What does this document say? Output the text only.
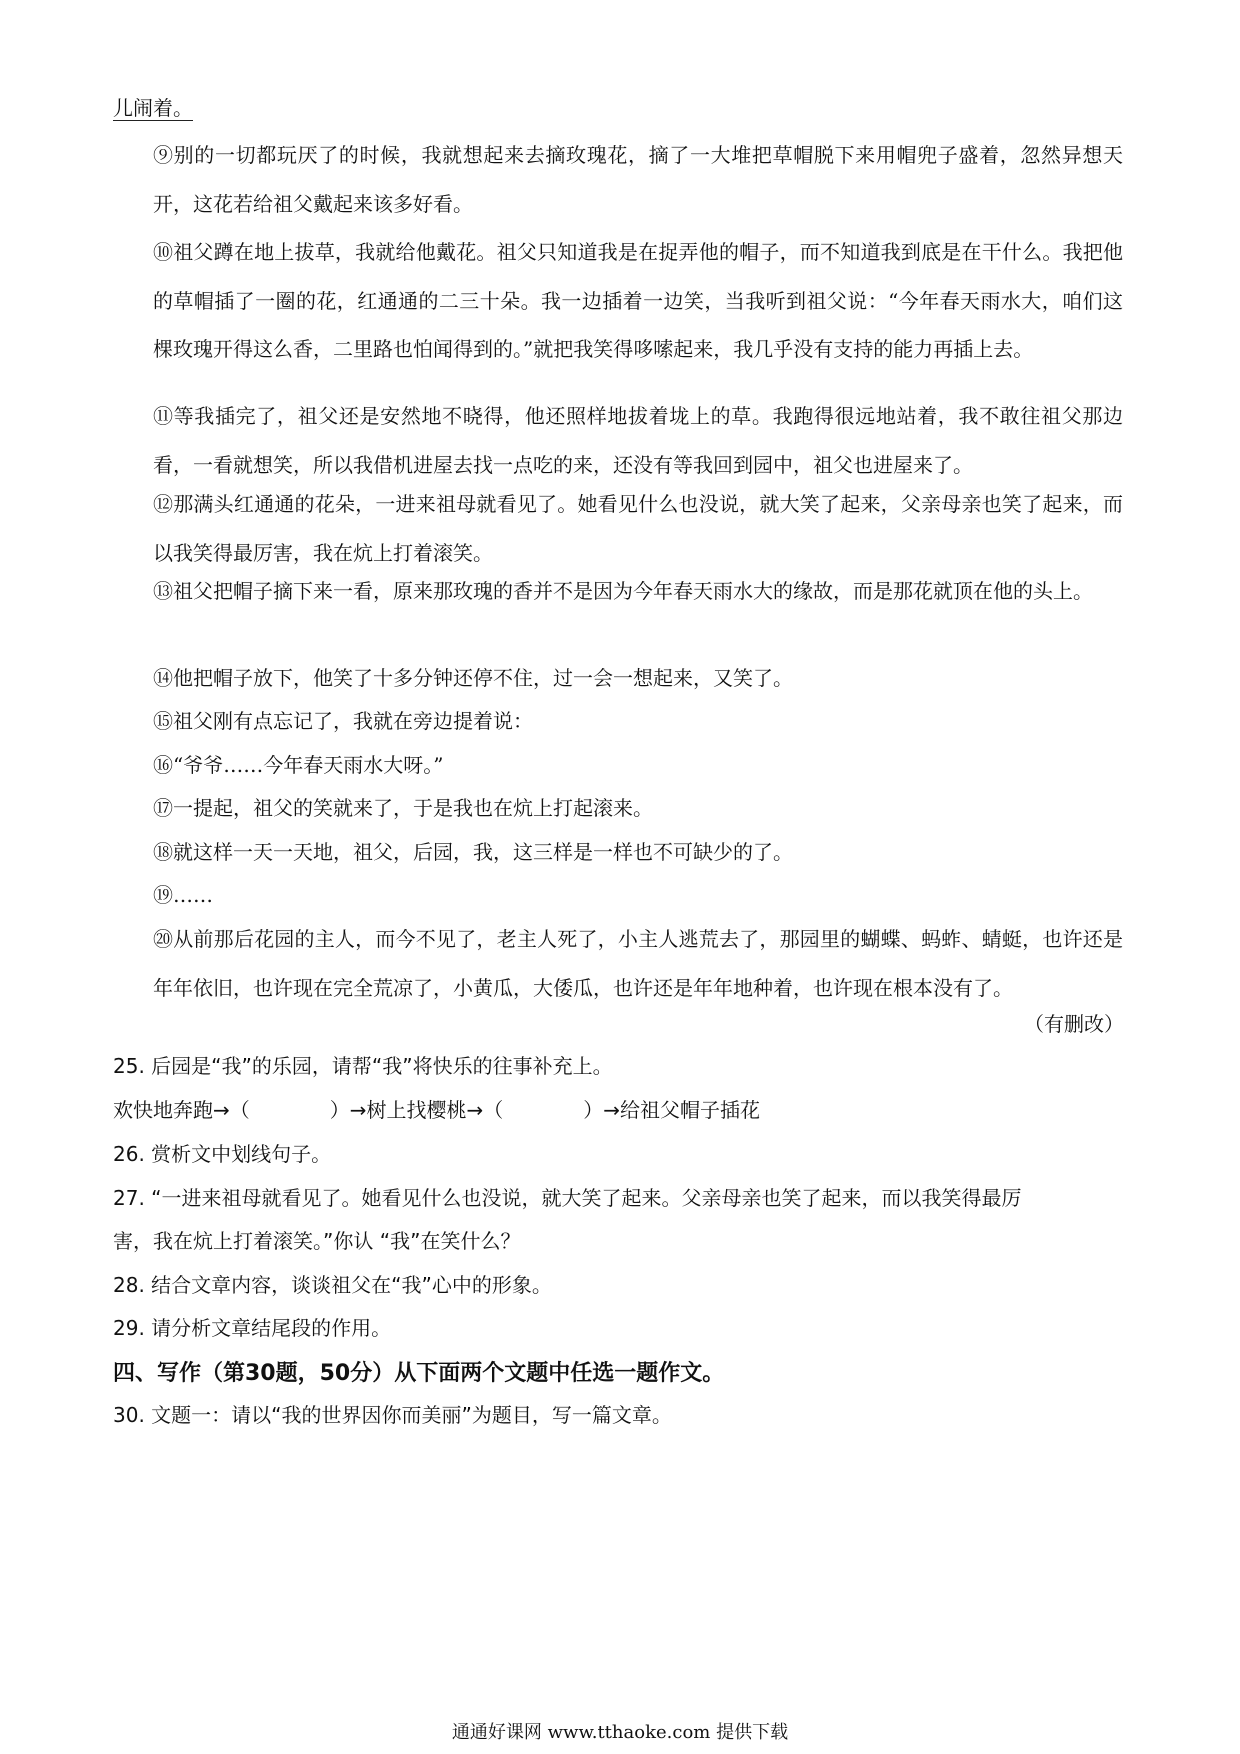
儿闹着。
⑨别的一切都玩厌了的时候，我就想起来去摘玫瑰花，摘了一大堆把草帽脱下来用帽兜子盛着，忽然异想天开，这花若给祖父戴起来该多好看。
⑩祖父蹲在地上拔草，我就给他戴花。祖父只知道我是在捉弄他的帽子，而不知道我到底是在干什么。我把他的草帽插了一圈的花，红通通的二三十朵。我一边插着一边笑，当我听到祖父说：“今年春天雨水大，咱们这棵玫瑰开得这么香，二里路也怕闻得到的。”就把我笑得哆嗦起来，我几乎没有支持的能力再插上去。
⑪等我插完了，祖父还是安然地不晓得，他还照样地拔着垅上的草。我跑得很远地站着，我不敢往祖父那边看，一看就想笑，所以我借机进屋去找一点吃的来，还没有等我回到园中，祖父也进屋来了。
⑫那满头红通通的花朵，一进来祖母就看见了。她看见什么也没说，就大笑了起来，父亲母亲也笑了起来，而以我笑得最厉害，我在炕上打着滚笑。
⑬祖父把帽子摘下来一看，原来那玫瑰的香并不是因为今年春天雨水大的缘故，而是那花就顶在他的头上。
⑭他把帽子放下，他笑了十多分钟还停不住，过一会一想起来，又笑了。
⑮祖父刚有点忘记了，我就在旁边提着说：
⑯“爷爷……今年春天雨水大呀。”
⑰一提起，祖父的笑就来了，于是我也在炕上打起滚来。
⑱就这样一天一天地，祖父，后园，我，这三样是一样也不可缺少的了。
⑲……
⑳从前那后花园的主人，而今不见了，老主人死了，小主人逃荒去了，那园里的蝴蝶、蚂蚱、蜻蜓，也许还是年年依旧，也许现在完全荒凉了，小黄瓜，大倭瓜，也许还是年年地种着，也许现在根本没有了。
（有删改）
25. 后园是“我”的乐园，请帮“我”将快乐的往事补充上。
欢快地奔跑→（	）→树上找樱桃→（	）→给祖父帽子插花
26. 赏析文中划线句子。
27. “一进来祖母就看见了。她看见什么也没说，就大笑了起来。父亲母亲也笑了起来，而以我笑得最厉
害，我在炕上打着滚笑。”你认 “我”在笑什么？
28. 结合文章内容，谈谈祖父在“我”心中的形象。
29. 请分析文章结尾段的作用。
四、写作（第30题，50分）从下面两个文题中任选一题作文。
30. 文题一：请以“我的世界因你而美丽”为题目，写一篇文章。
通通好课网 www.tthaoke.com 提供下载
